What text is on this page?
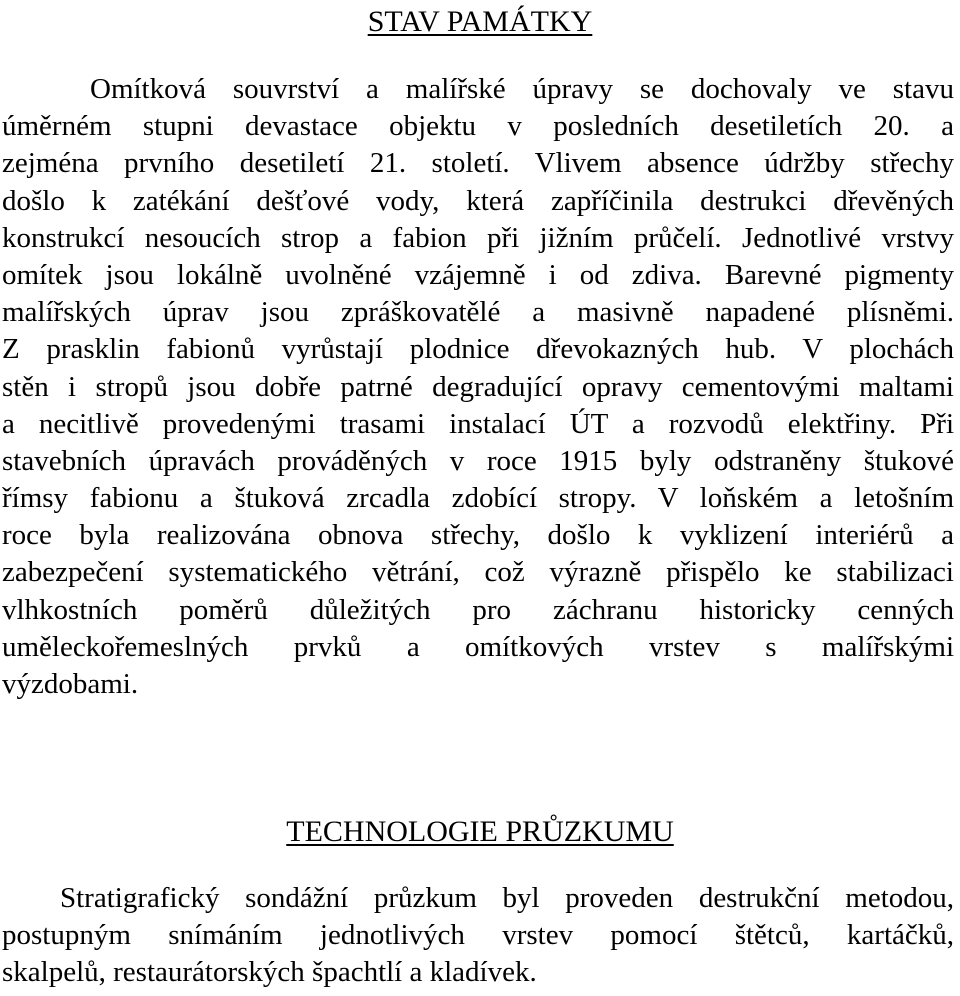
STAV PAMÁTKY
Omítková souvrství a malířské úpravy se dochovaly ve stavu
úměrném stupni devastace objektu v posledních desetiletích 20. a
zejména prvního desetiletí 21. století. Vlivem absence údržby střechy
došlo k zatékání dešťové vody, která zapříčinila destrukci dřevěných
konstrukcí nesoucích strop a fabion při jižním průčelí. Jednotlivé vrstvy
omítek jsou lokálně uvolněné vzájemně i od zdiva. Barevné pigmenty
malířských úprav jsou zpráškovatělé a masivně napadené plísněmi.
Z prasklin fabionů vyrůstají plodnice dřevokazných hub. V plochách
stěn i stropů jsou dobře patrné degradující opravy cementovými maltami
a necitlivě provedenými trasami instalací ÚT a rozvodů elektřiny. Při
stavebních úpravách prováděných v roce 1915 byly odstraněny štukové
římsy fabionu a štuková zrcadla zdobící stropy. V loňském a letošním
roce byla realizována obnova střechy, došlo k vyklizení interiérů a
zabezpečení systematického větrání, což výrazně přispělo ke stabilizaci
vlhkostních poměrů důležitých pro záchranu historicky cenných
uměleckořemeslných prvků a omítkových vrstev s malířskými
výzdobami.
TECHNOLOGIE PRŮZKUMU
Stratigrafický sondážní průzkum byl proveden destrukční metodou,
postupným snímáním jednotlivých vrstev pomocí štětců, kartáčků,
skalpelů, restaurátorských špachtlí a kladívek.
